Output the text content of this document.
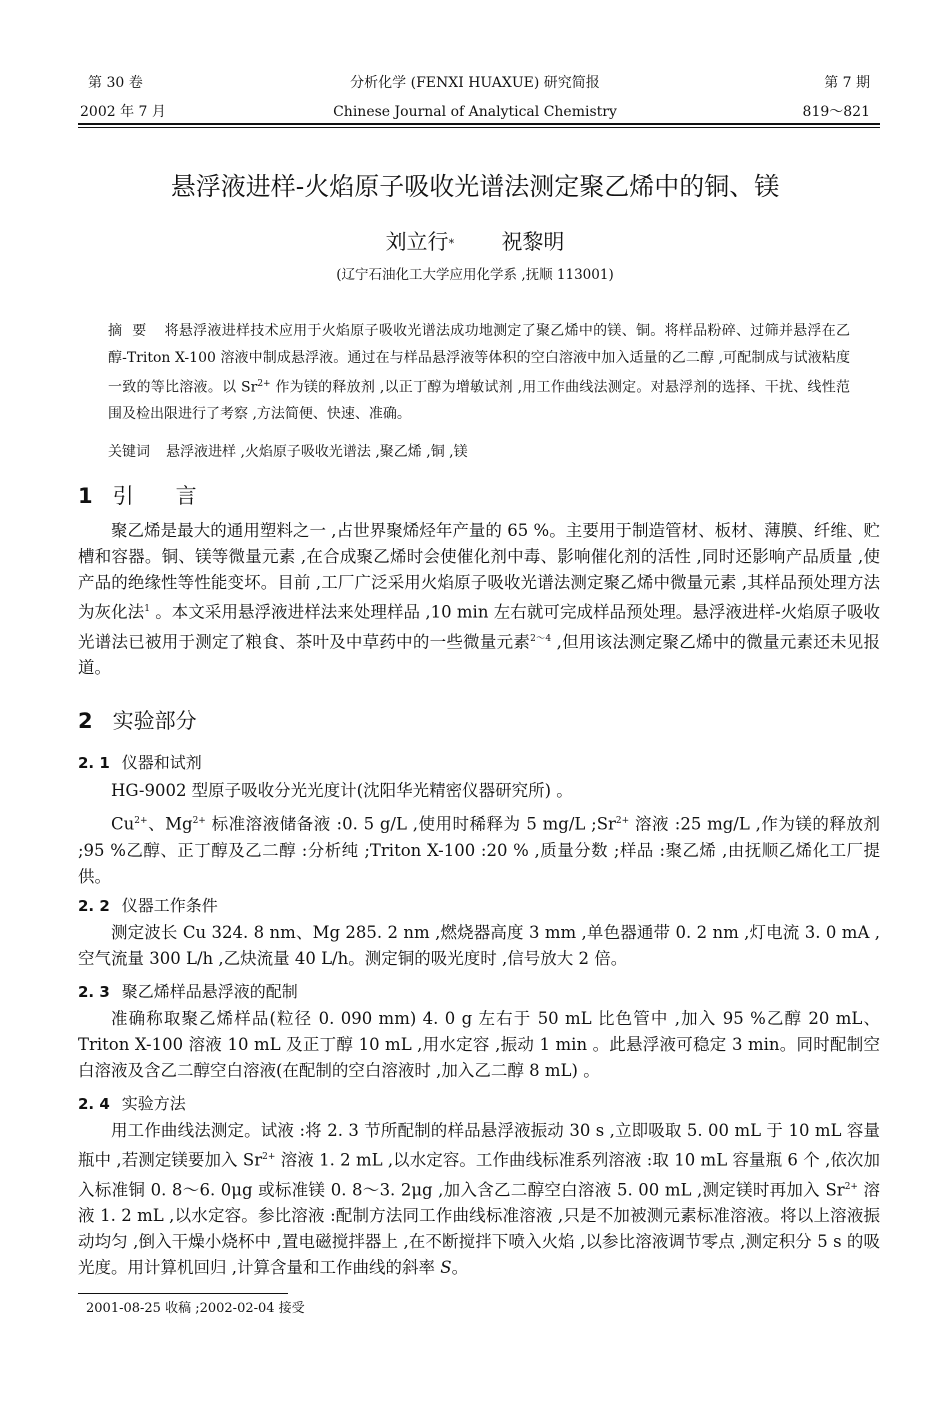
第 30 卷	分析化学 (FENXI HUAXUE) 研究简报	第 7 期
2002 年 7 月	Chinese Journal of Analytical Chemistry	819～821
悬浮液进样-火焰原子吸收光谱法测定聚乙烯中的铜、镁
刘立行* 祝黎明
(辽宁石油化工大学应用化学系 ,抚顺 113001)
摘要 将悬浮液进样技术应用于火焰原子吸收光谱法成功地测定了聚乙烯中的镁、铜。将样品粉碎、过筛并悬浮在乙醇-Triton X-100 溶液中制成悬浮液。通过在与样品悬浮液等体积的空白溶液中加入适量的乙二醇 ,可配制成与试液粘度一致的等比溶液。以 $Sr^{2+}$ 作为镁的释放剂 ,以正丁醇为增敏试剂 ,用工作曲线法测定。对悬浮剂的选择、干扰、线性范围及检出限进行了考察 ,方法简便、快速、准确。
关键词 悬浮液进样 ,火焰原子吸收光谱法 ,聚乙烯 ,铜 ,镁
1 引　　言
聚乙烯是最大的通用塑料之一 ,占世界聚烯烃年产量的 65 %。主要用于制造管材、板材、薄膜、纤维、贮槽和容器。铜、镁等微量元素 ,在合成聚乙烯时会使催化剂中毒、影响催化剂的活性 ,同时还影响产品质量 ,使产品的绝缘性等性能变坏。目前 ,工厂广泛采用火焰原子吸收光谱法测定聚乙烯中微量元素 ,其样品预处理方法为灰化法$^1$ 。本文采用悬浮液进样法来处理样品 ,10 min 左右就可完成样品预处理。悬浮液进样-火焰原子吸收光谱法已被用于测定了粮食、茶叶及中草药中的一些微量元素$^{2\sim 4}$ ,但用该法测定聚乙烯中的微量元素还未见报道。
2 实验部分
2. 1 仪器和试剂
HG-9002 型原子吸收分光光度计(沈阳华光精密仪器研究所) 。
$Cu^{2+}$、$Mg^{2+}$ 标准溶液储备液 :0. 5 g/L ,使用时稀释为 5 mg/L $;Sr^{2+}$ 溶液 :25 mg/L ,作为镁的释放剂 ;95 %乙醇、正丁醇及乙二醇 :分析纯 ;Triton X-100 :20 % ,质量分数 ;样品 :聚乙烯 ,由抚顺乙烯化工厂提供。
2. 2 仪器工作条件
测定波长 Cu 324. 8 nm、Mg 285. 2 nm ,燃烧器高度 3 mm ,单色器通带 0. 2 nm ,灯电流 3. 0 mA ,空气流量 300 L/h ,乙炔流量 40 L/h。测定铜的吸光度时 ,信号放大 2 倍。
2. 3 聚乙烯样品悬浮液的配制
准确称取聚乙烯样品(粒径 0. 090 mm) 4. 0 g 左右于 50 mL 比色管中 ,加入 95 %乙醇 20 mL、Triton X-100 溶液 10 mL 及正丁醇 10 mL ,用水定容 ,振动 1 min 。此悬浮液可稳定 3 min。同时配制空白溶液及含乙二醇空白溶液(在配制的空白溶液时 ,加入乙二醇 8 mL) 。
2. 4 实验方法
用工作曲线法测定。试液 :将 2. 3 节所配制的样品悬浮液振动 30 s ,立即吸取 5. 00 mL 于 10 mL 容量瓶中 ,若测定镁要加入 $Sr^{2+}$ 溶液 1. 2 mL ,以水定容。工作曲线标准系列溶液 :取 10 mL 容量瓶 6 个 ,依次加入标准铜 0. 8～6. 0μg 或标准镁 0. 8～3. 2μg ,加入含乙二醇空白溶液 5. 00 mL ,测定镁时再加入 $Sr^{2+}$ 溶液 1. 2 mL ,以水定容。参比溶液 :配制方法同工作曲线标准溶液 ,只是不加被测元素标准溶液。将以上溶液振动均匀 ,倒入干燥小烧杯中 ,置电磁搅拌器上 ,在不断搅拌下喷入火焰 ,以参比溶液调节零点 ,测定积分 5 s 的吸光度。用计算机回归 ,计算含量和工作曲线的斜率 S。
2001-08-25 收稿 ;2002-02-04 接受
